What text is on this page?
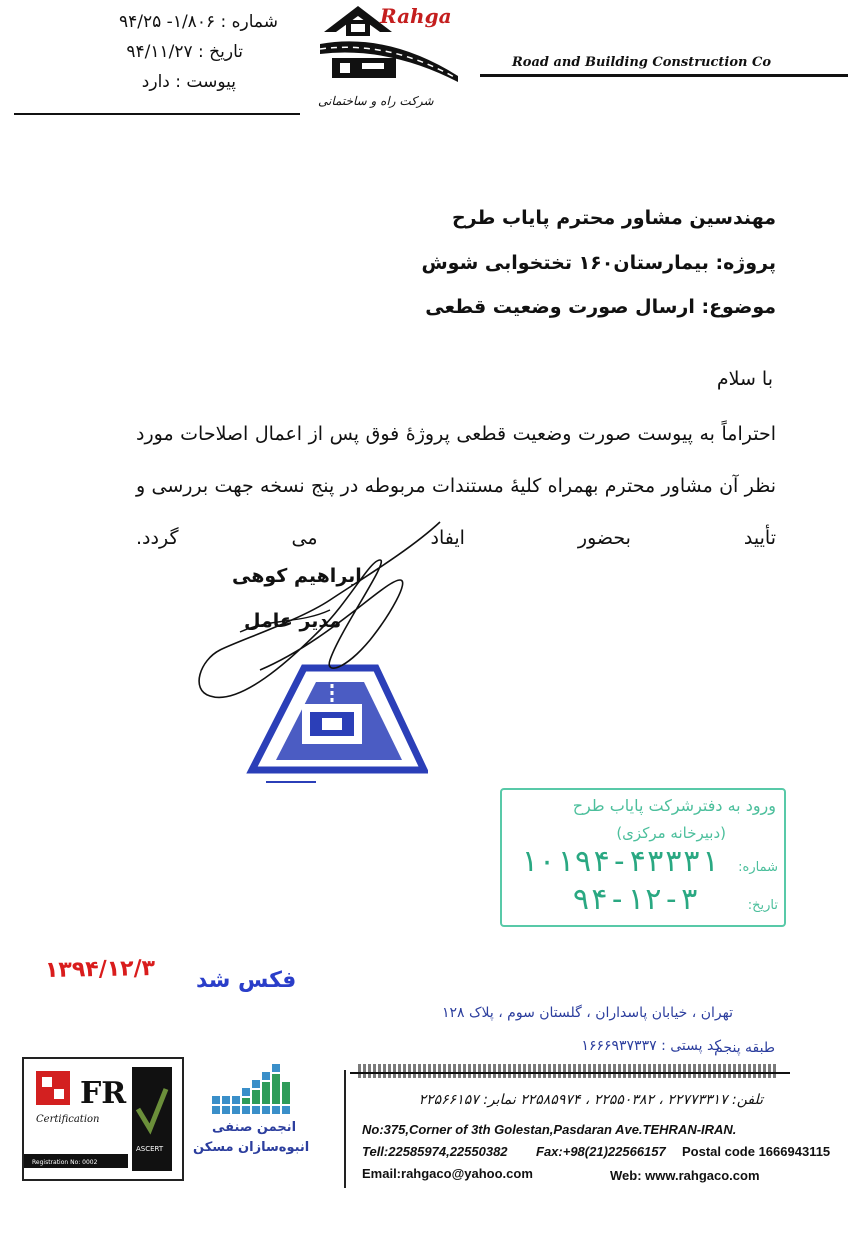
شماره : ۱/۸۰۶- ۹۴/۲۵
تاریخ : ۹۴/۱۱/۲۷
پیوست : دارد
Rahga
شرکت راه و ساختمانی
Road and Building Construction Co
مهندسین مشاور محترم پایاب طرح
پروژه: بیمارستان۱۶۰ تختخوابی شوش
موضوع: ارسال صورت وضعیت قطعی
با سلام
احتراماً به پیوست صورت وضعیت قطعی پروژهٔ فوق پس از اعمال اصلاحات مورد نظر آن مشاور محترم بهمراه کلیهٔ مستندات مربوطه در پنج نسخه جهت بررسی و تأیید بحضور ایفاد می گردد.
ابراهیم کوهی
مدیر عامل
ورود به دفترشرکت پایاب طرح
(دبیرخانه مرکزی)
شماره:
۱۰۱۹۴-۴۳۳۳۱
تاریخ:
۹۴-۱۲-۳
۱۳۹۴/۱۲/۳ فکس شد
تهران ، خیابان پاسداران ، گلستان سوم ، پلاک ۱۲۸
کد پستی : ۱۶۶۶۹۳۷۳۳۷
طبقه پنجم
تلفن: ۲۲۷۷۳۳۱۷ ، ۲۲۵۵۰۳۸۲ ، ۲۲۵۸۵۹۷۴ نمابر: ۲۲۵۶۶۱۵۷
No:375,Corner of 3th Golestan,Pasdaran Ave.TEHRAN-IRAN.
Tell:22585974,22550382 Fax:+98(21)22566157 Postal code 1666943115
Email:rahgaco@yahoo.com	Web: www.rahgaco.com
FR
ASCERT
Certification
Registration No: 0002
انجمن صنفی
انبوه‌سازان مسکن
